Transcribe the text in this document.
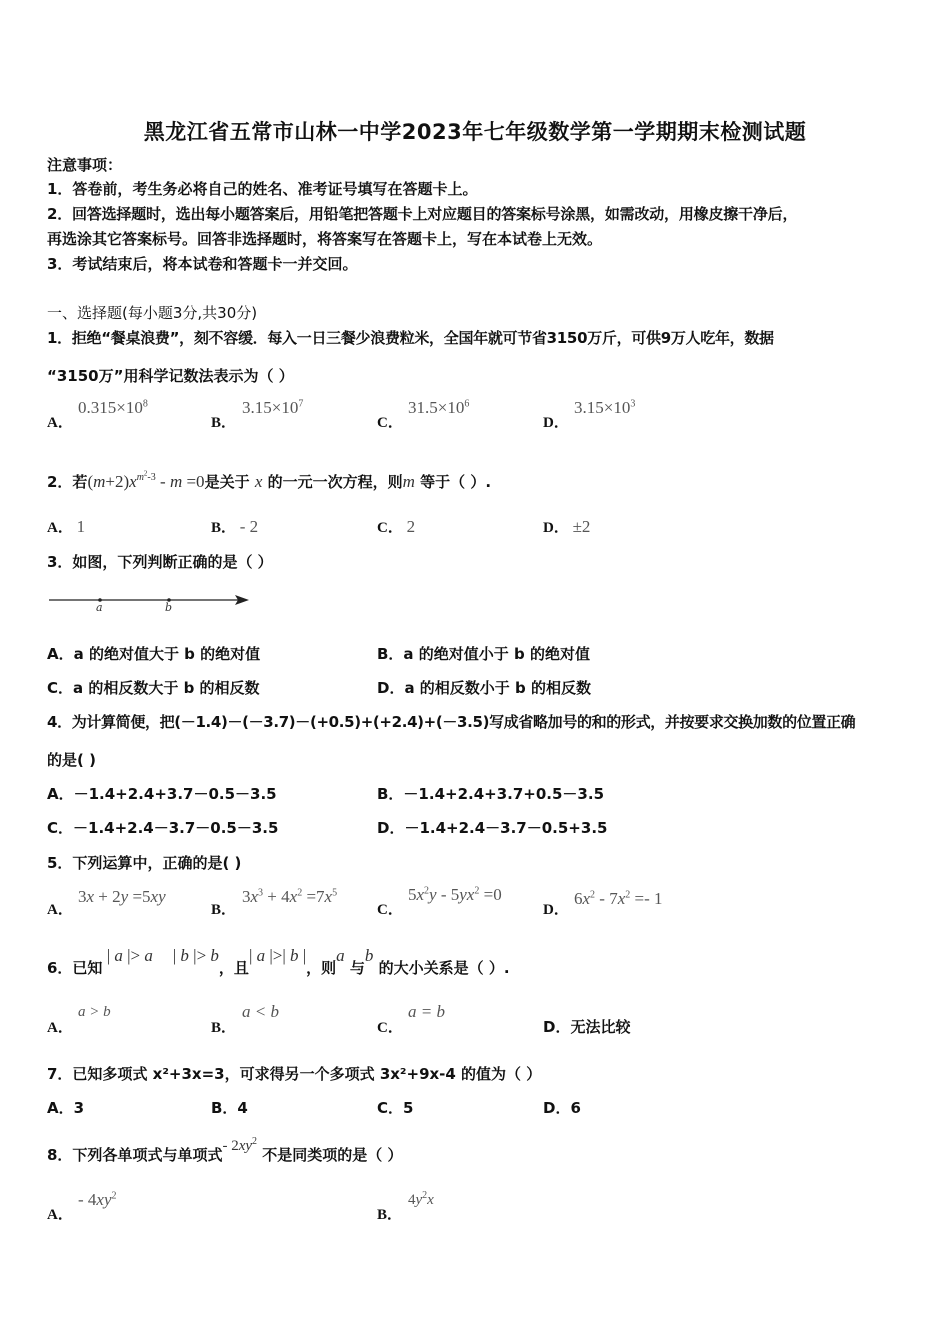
黑龙江省五常市山林一中学2023年七年级数学第一学期期末检测试题
注意事项：
1．答卷前，考生务必将自己的姓名、准考证号填写在答题卡上。
2．回答选择题时，选出每小题答案后，用铅笔把答题卡上对应题目的答案标号涂黑，如需改动，用橡皮擦干净后，
再选涂其它答案标号。回答非选择题时，将答案写在答题卡上，写在本试卷上无效。
3．考试结束后，将本试卷和答题卡一并交回。
一、选择题(每小题3分,共30分)
1．拒绝“餐桌浪费”，刻不容缓．每入一日三餐少浪费粒米，全国年就可节省3150万斤，可供9万人吃年，数据
“3150万”用科学记数法表示为（ ）
A．
$0.315\times 10^8$
B．
$3.15\times 10^7$
C．
$31.5\times 10^6$
D．
$3.15\times 10^3$
2．若$(m+2)x^{m^2-3} - m =0$是关于 x 的一元一次方程，则m 等于（ ）.
A． 1	B． - 2	C． 2	D． ±2
3．如图，下列判断正确的是（ ）
a	b
A．a 的绝对值大于 b 的绝对值
C．a 的相反数大于 b 的相反数
B．a 的绝对值小于 b 的绝对值
D．a 的相反数小于 b 的相反数
4．为计算简便，把(－1.4)－(－3.7)－(+0.5)+(+2.4)+(－3.5)写成省略加号的和的形式，并按要求交换加数的位置正确
的是( )
A．－1.4+2.4+3.7－0.5－3.5	B．－1.4+2.4+3.7+0.5－3.5
C．－1.4+2.4－3.7－0.5－3.5	D．－1.4+2.4－3.7－0.5+3.5
5．下列运算中，正确的是( )
A．
3x + 2y =5xy
B．
$3x^3 + 4x^2 =7x^5$
C．
$5x^2y - 5yx^2 =0$
D．
$6x^2 - 7x^2 =- 1$
6．已知 | a |> a | b |> b，且| a |>| b |，则a 与b 的大小关系是（ ）.
A．
a > b
B．
a < b
C．
a = b
D．无法比较
7．已知多项式 x²+3x=3，可求得另一个多项式 3x²+9x-4 的值为（ ）
A．3	B．4	C．5	D．6
8．下列各单项式与单项式- $2xy^2$ 不是同类项的是（ ）
A．
- $4xy^2$
B．
$4y^2x$
